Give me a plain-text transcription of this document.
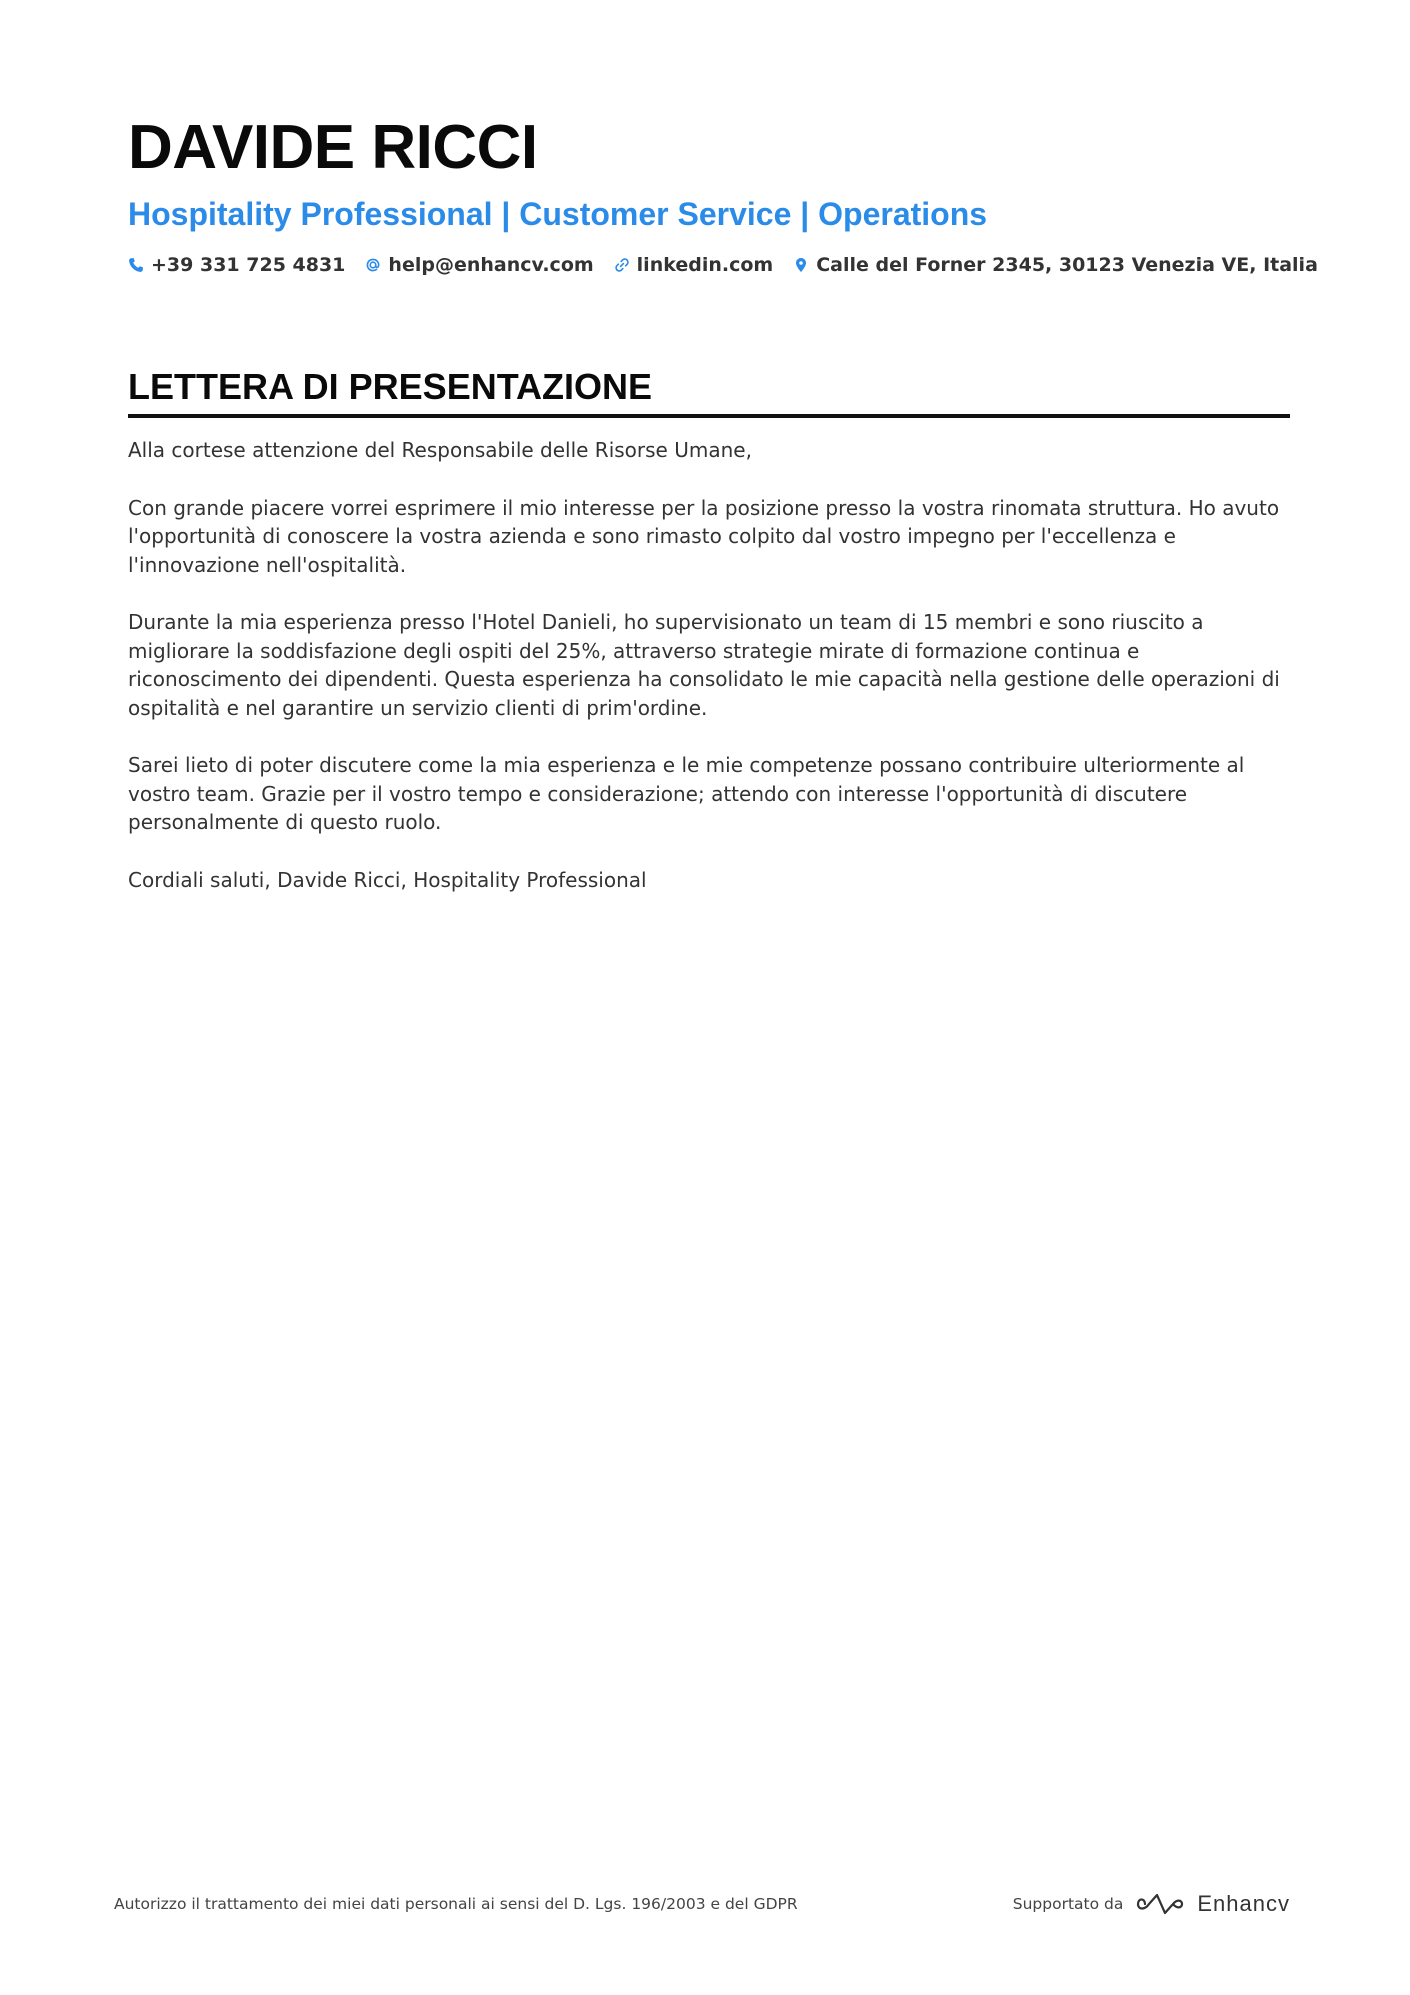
DAVIDE RICCI
Hospitality Professional | Customer Service | Operations
+39 331 725 4831 help@enhancv.com linkedin.com Calle del Forner 2345, 30123 Venezia VE, Italia
LETTERA DI PRESENTAZIONE

Alla cortese attenzione del Responsabile delle Risorse Umane,

Con grande piacere vorrei esprimere il mio interesse per la posizione presso la vostra rinomata struttura. Ho avuto l'opportunità di conoscere la vostra azienda e sono rimasto colpito dal vostro impegno per l'eccellenza e l'innovazione nell'ospitalità.

Durante la mia esperienza presso l'Hotel Danieli, ho supervisionato un team di 15 membri e sono riuscito a migliorare la soddisfazione degli ospiti del 25%, attraverso strategie mirate di formazione continua e riconoscimento dei dipendenti. Questa esperienza ha consolidato le mie capacità nella gestione delle operazioni di ospitalità e nel garantire un servizio clienti di prim'ordine.

Sarei lieto di poter discutere come la mia esperienza e le mie competenze possano contribuire ulteriormente al vostro team. Grazie per il vostro tempo e considerazione; attendo con interesse l'opportunità di discutere personalmente di questo ruolo.

Cordiali saluti, Davide Ricci, Hospitality Professional

Autorizzo il trattamento dei miei dati personali ai sensi del D. Lgs. 196/2003 e del GDPR	Supportato da	Enhancv
